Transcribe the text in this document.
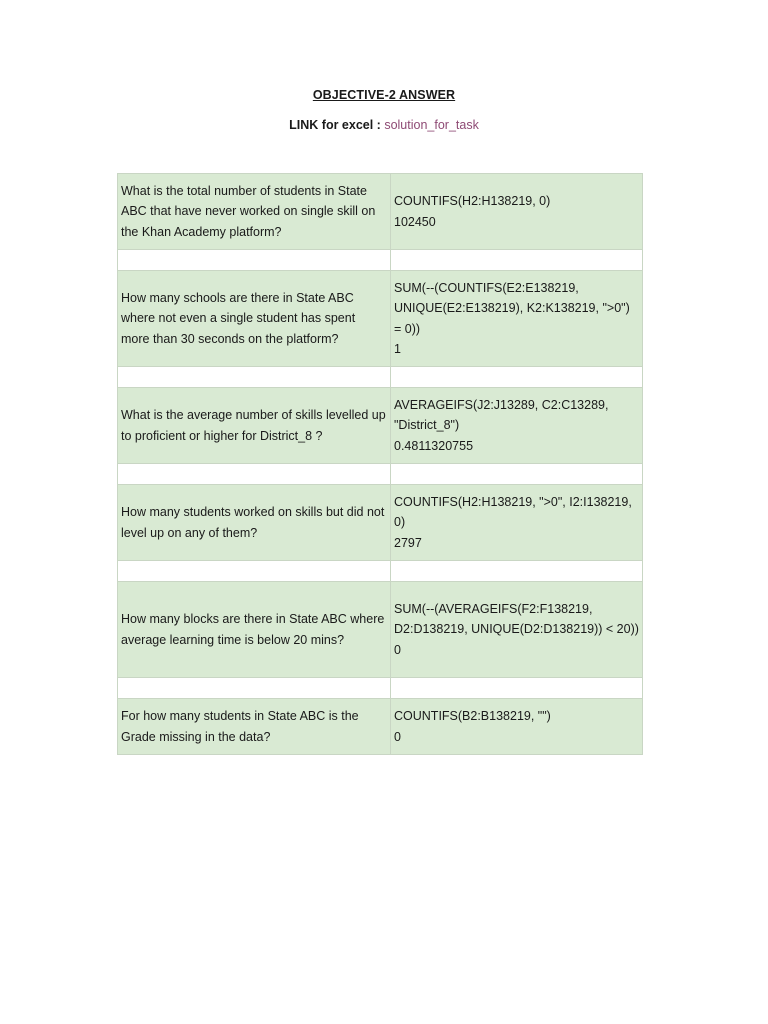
OBJECTIVE-2 ANSWER
LINK for excel : solution_for_task
What is the total number of students in State ABC that have never worked on single skill on the Khan Academy platform?	COUNTIFS(H2:H138219, 0)
102450

How many schools are there in State ABC where not even a single student has spent more than 30 seconds on the platform?	SUM(--(COUNTIFS(E2:E138219, UNIQUE(E2:E138219), K2:K138219, ">0") = 0))
1

What is the average number of skills levelled up to proficient or higher for District_8 ?	AVERAGEIFS(J2:J13289, C2:C13289, "District_8")
0.4811320755

How many students worked on skills but did not level up on any of them?	COUNTIFS(H2:H138219, ">0", I2:I138219, 0)
2797

How many blocks are there in State ABC where average learning time is below 20 mins?	SUM(--(AVERAGEIFS(F2:F138219, D2:D138219, UNIQUE(D2:D138219)) < 20))
0

For how many students in State ABC is the Grade missing in the data?	COUNTIFS(B2:B138219, "")
0
